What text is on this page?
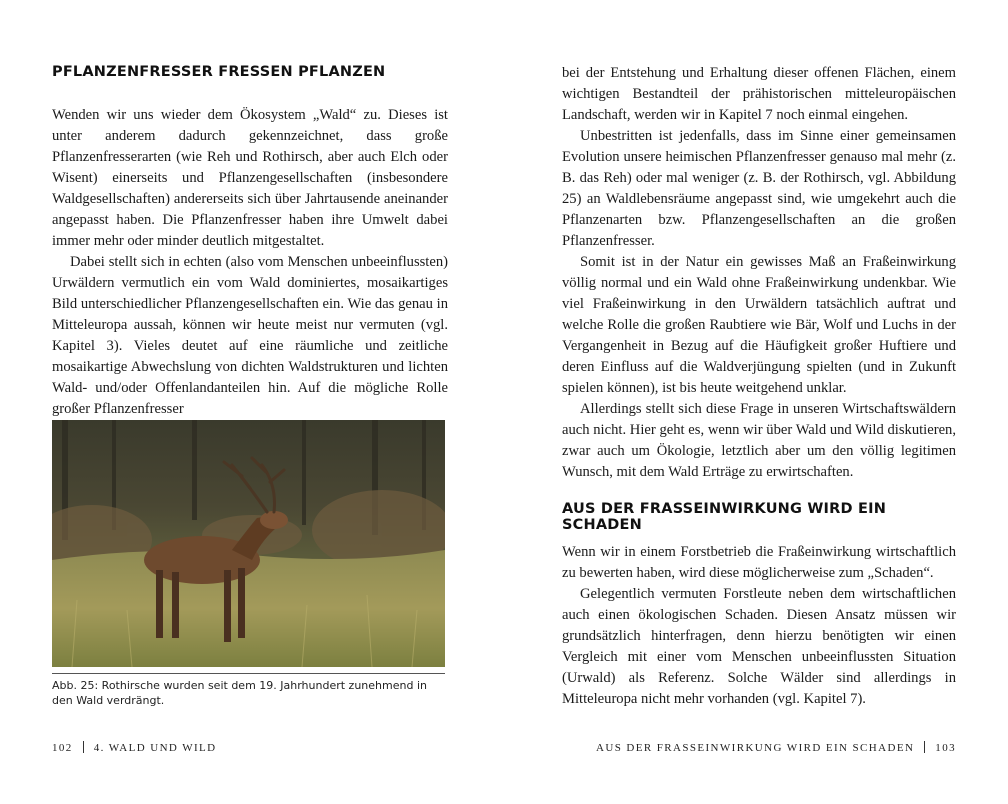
PFLANZENFRESSER FRESSEN PFLANZEN

Wenden wir uns wieder dem Ökosystem „Wald“ zu. Dieses ist unter anderem dadurch gekennzeichnet, dass große Pflanzenfresserarten (wie Reh und Rothirsch, aber auch Elch oder Wisent) einerseits und Pflanzengesellschaften (insbesondere Waldgesellschaften) andererseits sich über Jahrtausende aneinander angepasst haben. Die Pflanzenfresser haben ihre Umwelt dabei immer mehr oder minder deutlich mitgestaltet.

Dabei stellt sich in echten (also vom Menschen unbeeinflussten) Urwäldern vermutlich ein vom Wald dominiertes, mosaikartiges Bild unterschiedlicher Pflanzengesellschaften ein. Wie das genau in Mitteleuropa aussah, können wir heute meist nur vermuten (vgl. Kapitel 3). Vieles deutet auf eine räumliche und zeitliche mosaikartige Abwechslung von dichten Waldstrukturen und lichten Wald- und/oder Offenlandanteilen hin. Auf die mögliche Rolle großer Pflanzenfresser

Abb. 25: Rothirsche wurden seit dem 19. Jahrhundert zunehmend in den Wald verdrängt.

102 4. WALD UND WILD

bei der Entstehung und Erhaltung dieser offenen Flächen, einem wichtigen Bestandteil der prähistorischen mitteleuropäischen Landschaft, werden wir in Kapitel 7 noch einmal eingehen.

Unbestritten ist jedenfalls, dass im Sinne einer gemeinsamen Evolution unsere heimischen Pflanzenfresser genauso mal mehr (z. B. das Reh) oder mal weniger (z. B. der Rothirsch, vgl. Abbildung 25) an Waldlebensräume angepasst sind, wie umgekehrt auch die Pflanzenarten bzw. Pflanzengesellschaften an die großen Pflanzenfresser.

Somit ist in der Natur ein gewisses Maß an Fraßeinwirkung völlig normal und ein Wald ohne Fraßeinwirkung undenkbar. Wie viel Fraßeinwirkung in den Urwäldern tatsächlich auftrat und welche Rolle die großen Raubtiere wie Bär, Wolf und Luchs in der Vergangenheit in Bezug auf die Häufigkeit großer Huftiere und deren Einfluss auf die Waldverjüngung spielten (und in Zukunft spielen können), ist bis heute weitgehend unklar.

Allerdings stellt sich diese Frage in unseren Wirtschaftswäldern auch nicht. Hier geht es, wenn wir über Wald und Wild diskutieren, zwar auch um Ökologie, letztlich aber um den völlig legitimen Wunsch, mit dem Wald Erträge zu erwirtschaften.

AUS DER FRASSEINWIRKUNG WIRD EIN SCHADEN

Wenn wir in einem Forstbetrieb die Fraßeinwirkung wirtschaftlich zu bewerten haben, wird diese möglicherweise zum „Schaden“.

Gelegentlich vermuten Forstleute neben dem wirtschaftlichen auch einen ökologischen Schaden. Diesen Ansatz müssen wir grundsätzlich hinterfragen, denn hierzu benötigten wir einen Vergleich mit einer vom Menschen unbeeinflussten Situation (Urwald) als Referenz. Solche Wälder sind allerdings in Mitteleuropa nicht mehr vorhanden (vgl. Kapitel 7).

AUS DER FRASSEINWIRKUNG WIRD EIN SCHADEN 103
